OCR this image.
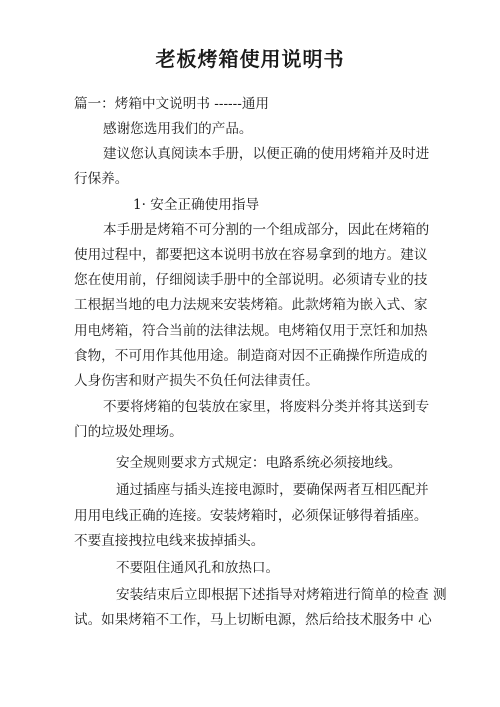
老板烤箱使用说明书
篇一：烤箱中文说明书 ------通用
感谢您选用我们的产品。
建议您认真阅读本手册，以便正确的使用烤箱并及时进
行保养。
1· 安全正确使用指导
本手册是烤箱不可分割的一个组成部分，因此在烤箱的
使用过程中，都要把这本说明书放在容易拿到的地方。建议
您在使用前，仔细阅读手册中的全部说明。必须请专业的技
工根据当地的电力法规来安装烤箱。此款烤箱为嵌入式、家
用电烤箱，符合当前的法律法规。电烤箱仅用于烹饪和加热
食物，不可用作其他用途。制造商对因不正确操作所造成的
人身伤害和财产损失不负任何法律责任。
不要将烤箱的包装放在家里，将废料分类并将其送到专
门的垃圾处理场。
安全规则要求方式规定：电路系统必须接地线。
通过插座与插头连接电源时，要确保两者互相匹配并
用用电线正确的连接。安装烤箱时，必须保证够得着插座。
不要直接拽拉电线来拔掉插头。
不要阻住通风孔和放热口。
安装结束后立即根据下述指导对烤箱进行简单的检查 测
试。如果烤箱不工作，马上切断电源，然后给技术服务中 心
